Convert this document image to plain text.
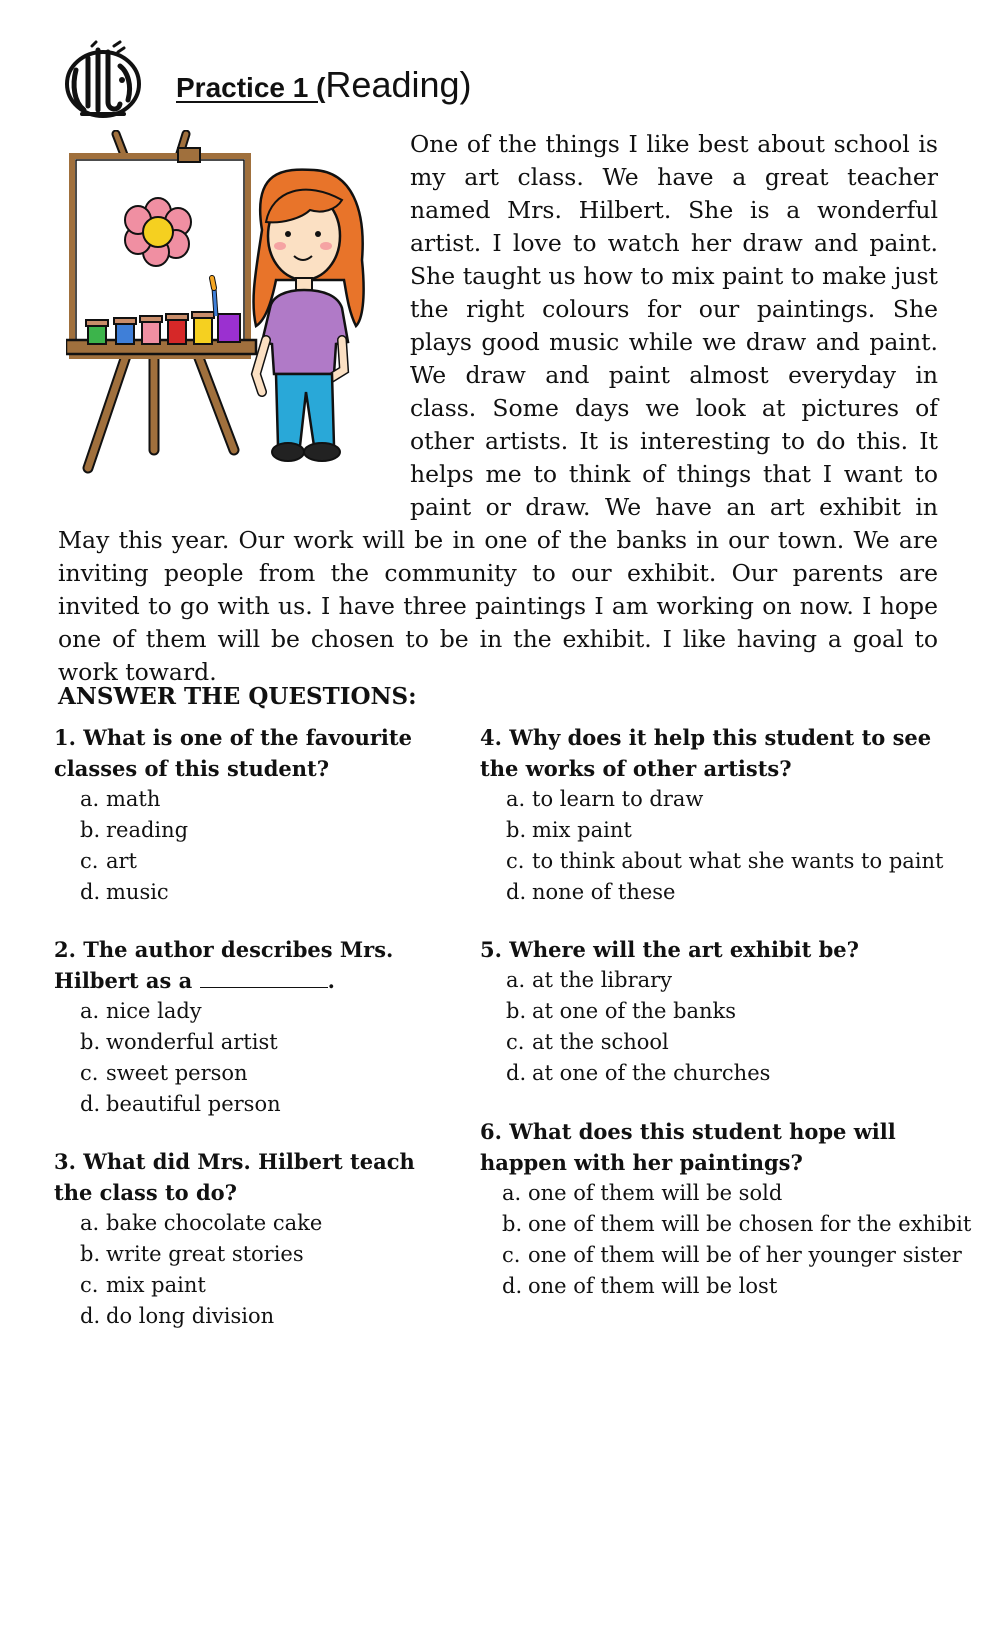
Practice 1 (Reading)

One of the things I like best about school is my art class. We have a great teacher named Mrs. Hilbert. She is a wonderful artist. I love to watch her draw and paint. She taught us how to mix paint to make just the right colours for our paintings. She plays good music while we draw and paint. We draw and paint almost everyday in class. Some days we look at pictures of other artists. It is interesting to do this. It helps me to think of things that I want to paint or draw. We have an art exhibit in May this year. Our work will be in one of the banks in our town. We are inviting people from the community to our exhibit. Our parents are invited to go with us. I have three paintings I am working on now. I hope one of them will be chosen to be in the exhibit. I like having a goal to work toward.

ANSWER THE QUESTIONS:

1. What is one of the favourite classes of this student?

a. math
b. reading
c. art
d. music

2. The author describes Mrs. Hilbert as a	.

a. nice lady
b. wonderful artist
c. sweet person
d. beautiful person

3. What did Mrs. Hilbert teach the class to do?

a. bake chocolate cake
b. write great stories
c. mix paint
d. do long division

4. Why does it help this student to see the works of other artists?

a. to learn to draw
b. mix paint
c. to think about what she wants to paint
d. none of these

5. Where will the art exhibit be?

a. at the library
b. at one of the banks
c. at the school
d. at one of the churches

6. What does this student hope will happen with her paintings?

a. one of them will be sold
b. one of them will be chosen for the exhibit
c. one of them will be of her younger sister
d. one of them will be lost
